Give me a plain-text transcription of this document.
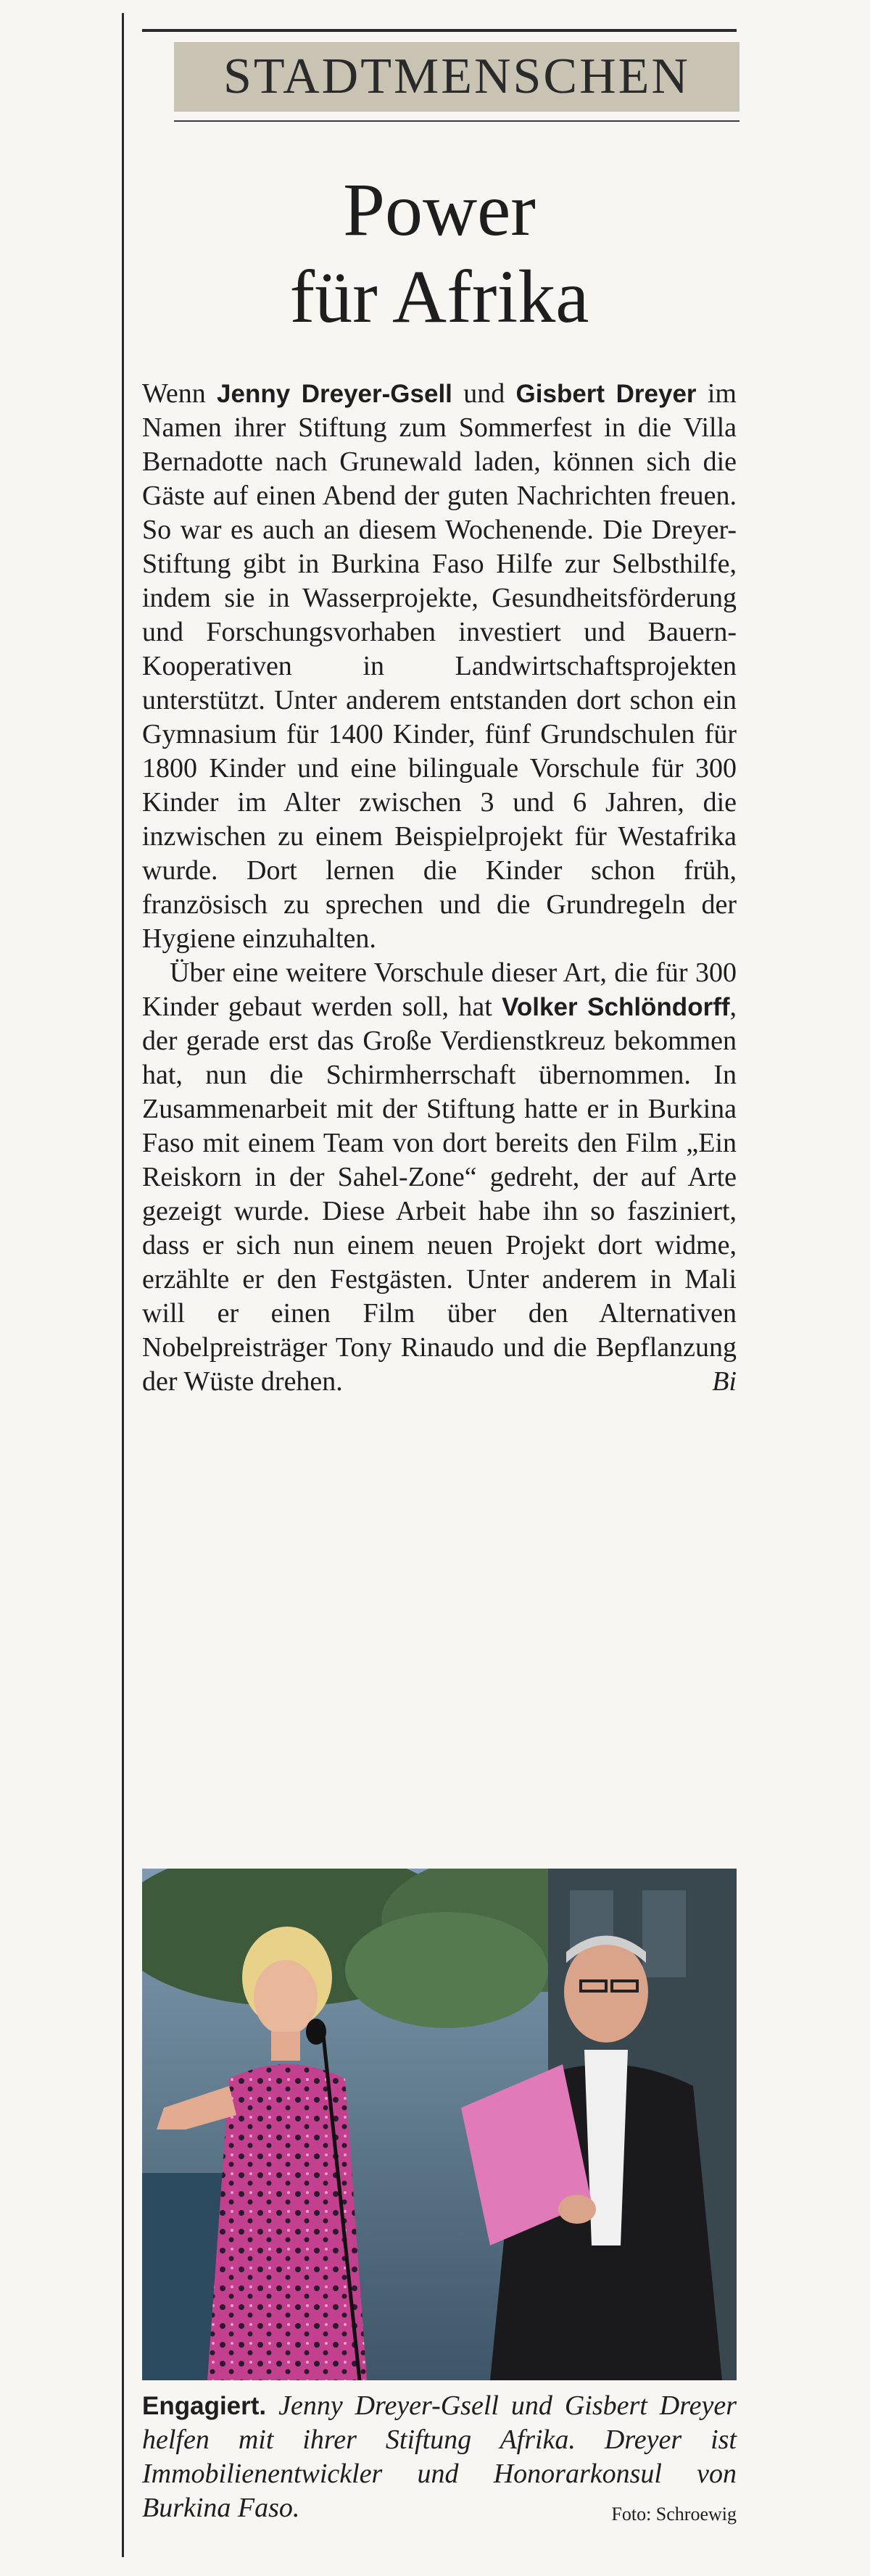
STADTMENSCHEN
Power
für Afrika

Wenn Jenny Dreyer-Gsell und Gisbert Dreyer im Namen ihrer Stiftung zum Sommerfest in die Villa Bernadotte nach Grunewald laden, können sich die Gäste auf einen Abend der guten Nachrichten freuen. So war es auch an diesem Wochenende. Die Dreyer-Stiftung gibt in Burkina Faso Hilfe zur Selbsthilfe, indem sie in Wasserprojekte, Gesundheitsförderung und Forschungsvorhaben investiert und Bauern-Kooperativen in Landwirtschaftsprojekten unterstützt. Unter anderem entstanden dort schon ein Gymnasium für 1400 Kinder, fünf Grundschulen für 1800 Kinder und eine bilinguale Vorschule für 300 Kinder im Alter zwischen 3 und 6 Jahren, die inzwischen zu einem Beispielprojekt für Westafrika wurde. Dort lernen die Kinder schon früh, französisch zu sprechen und die Grundregeln der Hygiene einzuhalten.

Über eine weitere Vorschule dieser Art, die für 300 Kinder gebaut werden soll, hat Volker Schlöndorff, der gerade erst das Große Verdienstkreuz bekommen hat, nun die Schirmherrschaft übernommen. In Zusammenarbeit mit der Stiftung hatte er in Burkina Faso mit einem Team von dort bereits den Film „Ein Reiskorn in der Sahel-Zone“ gedreht, der auf Arte gezeigt wurde. Diese Arbeit habe ihn so fasziniert, dass er sich nun einem neuen Projekt dort widme, erzählte er den Festgästen. Unter anderem in Mali will er einen Film über den Alternativen Nobelpreisträger Tony Rinaudo und die Bepflanzung der Wüste drehen.	Bi

Engagiert. Jenny Dreyer-Gsell und Gisbert Dreyer helfen mit ihrer Stiftung Afrika. Dreyer ist Immobilienentwickler und Honorarkonsul von Burkina Faso.	Foto: Schroewig
